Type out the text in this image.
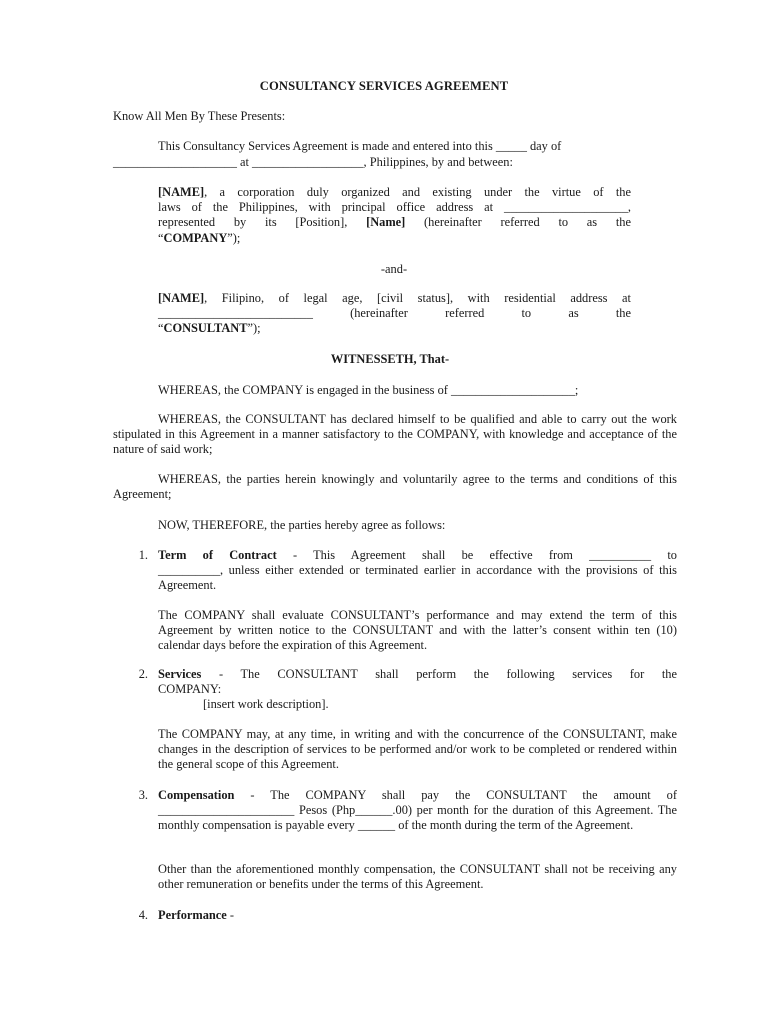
CONSULTANCY SERVICES AGREEMENT
Know All Men By These Presents:
This Consultancy Services Agreement is made and entered into this _____ day of
____________________ at __________________, Philippines, by and between:
[NAME], a corporation duly organized and existing under the virtue of the
laws of the Philippines, with principal office address at ____________________,
represented by its [Position], [Name] (hereinafter referred to as the
“COMPANY”);
-and-
[NAME], Filipino, of legal age, [civil status], with residential address at
_________________________ (hereinafter referred to as the
“CONSULTANT”);
WITNESSETH, That-
WHEREAS, the COMPANY is engaged in the business of ____________________;
WHEREAS, the CONSULTANT has declared himself to be qualified and able to carry out the work stipulated in this Agreement in a manner satisfactory to the COMPANY, with knowledge and acceptance of the nature of said work;
WHEREAS, the parties herein knowingly and voluntarily agree to the terms and conditions of this Agreement;
NOW, THEREFORE, the parties hereby agree as follows:
1. Term of Contract - This Agreement shall be effective from __________ to
__________, unless either extended or terminated earlier in accordance with the provisions of this Agreement.
The COMPANY shall evaluate CONSULTANT’s performance and may extend the term of this Agreement by written notice to the CONSULTANT and with the latter’s consent within ten (10) calendar days before the expiration of this Agreement.
2. Services - The CONSULTANT shall perform the following services for the
COMPANY:
[insert work description].
The COMPANY may, at any time, in writing and with the concurrence of the CONSULTANT, make changes in the description of services to be performed and/or work to be completed or rendered within the general scope of this Agreement.
3. Compensation - The COMPANY shall pay the CONSULTANT the amount of
______________________ Pesos (Php______.00) per month for the duration of this Agreement. The monthly compensation is payable every ______ of the month during the term of the Agreement.
Other than the aforementioned monthly compensation, the CONSULTANT shall not be receiving any other remuneration or benefits under the terms of this Agreement.
4. Performance -
